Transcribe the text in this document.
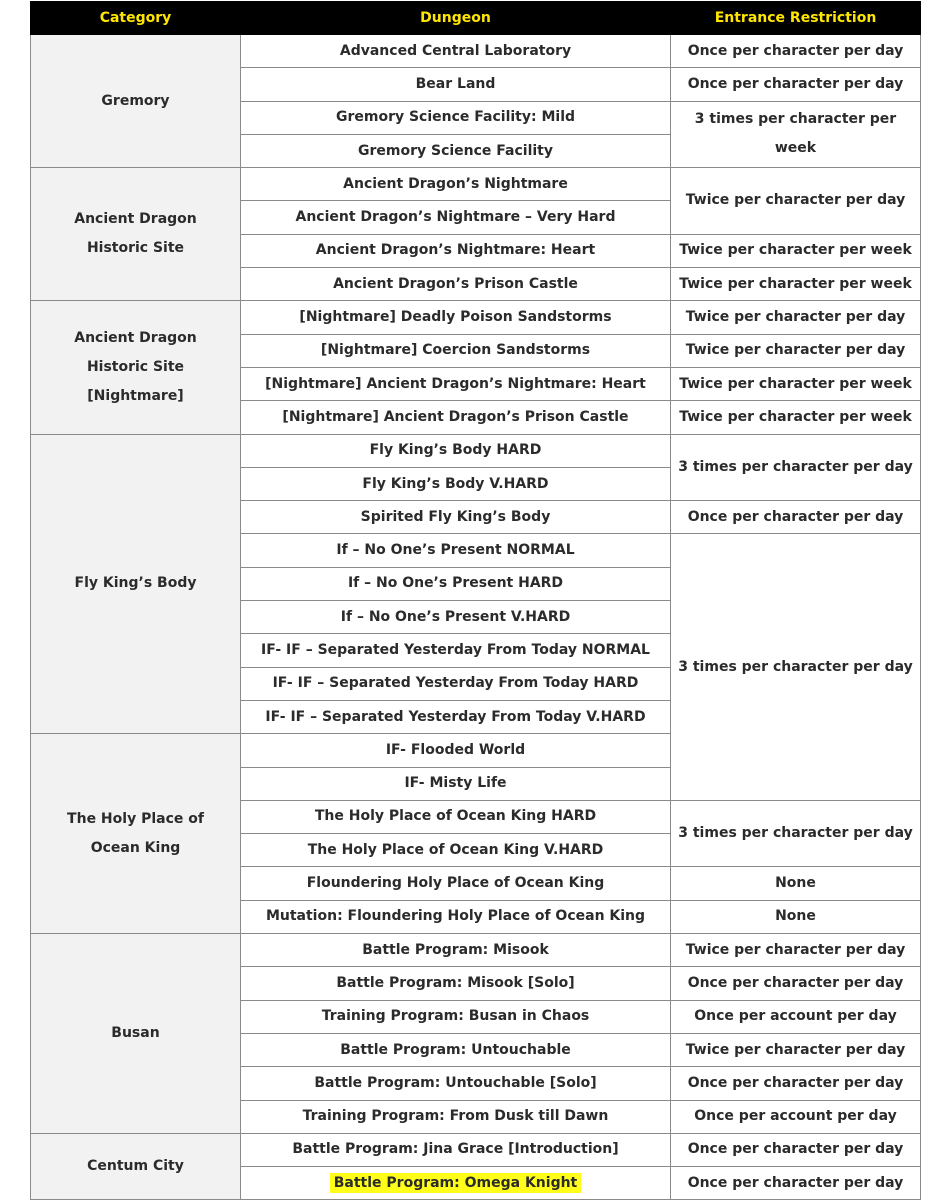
Category	Dungeon	Entrance Restriction
Gremory	Advanced Central Laboratory	Once per character per day
	Bear Land	Once per character per day
	Gremory Science Facility: Mild	3 times per character per week
	Gremory Science Facility	
Ancient Dragon Historic Site	Ancient Dragon’s Nightmare	Twice per character per day
	Ancient Dragon’s Nightmare – Very Hard	
	Ancient Dragon’s Nightmare: Heart	Twice per character per week
	Ancient Dragon’s Prison Castle	Twice per character per week
Ancient Dragon Historic Site [Nightmare]	[Nightmare] Deadly Poison Sandstorms	Twice per character per day
	[Nightmare] Coercion Sandstorms	Twice per character per day
	[Nightmare] Ancient Dragon’s Nightmare: Heart	Twice per character per week
	[Nightmare] Ancient Dragon’s Prison Castle	Twice per character per week
Fly King’s Body	Fly King’s Body HARD	3 times per character per day
	Fly King’s Body V.HARD	
	Spirited Fly King’s Body	Once per character per day
	If – No One’s Present NORMAL	3 times per character per day
	If – No One’s Present HARD	
	If – No One’s Present V.HARD	
	IF- IF – Separated Yesterday From Today NORMAL	
	IF- IF – Separated Yesterday From Today HARD	
	IF- IF – Separated Yesterday From Today V.HARD	
The Holy Place of Ocean King	IF- Flooded World	
	IF- Misty Life	
	The Holy Place of Ocean King HARD	3 times per character per day
	The Holy Place of Ocean King V.HARD	
	Floundering Holy Place of Ocean King	None
	Mutation: Floundering Holy Place of Ocean King	None
Busan	Battle Program: Misook	Twice per character per day
	Battle Program: Misook [Solo]	Once per character per day
	Training Program: Busan in Chaos	Once per account per day
	Battle Program: Untouchable	Twice per character per day
	Battle Program: Untouchable [Solo]	Once per character per day
	Training Program: From Dusk till Dawn	Once per account per day
Centum City	Battle Program: Jina Grace [Introduction]	Once per character per day
	Battle Program: Omega Knight	Once per character per day
